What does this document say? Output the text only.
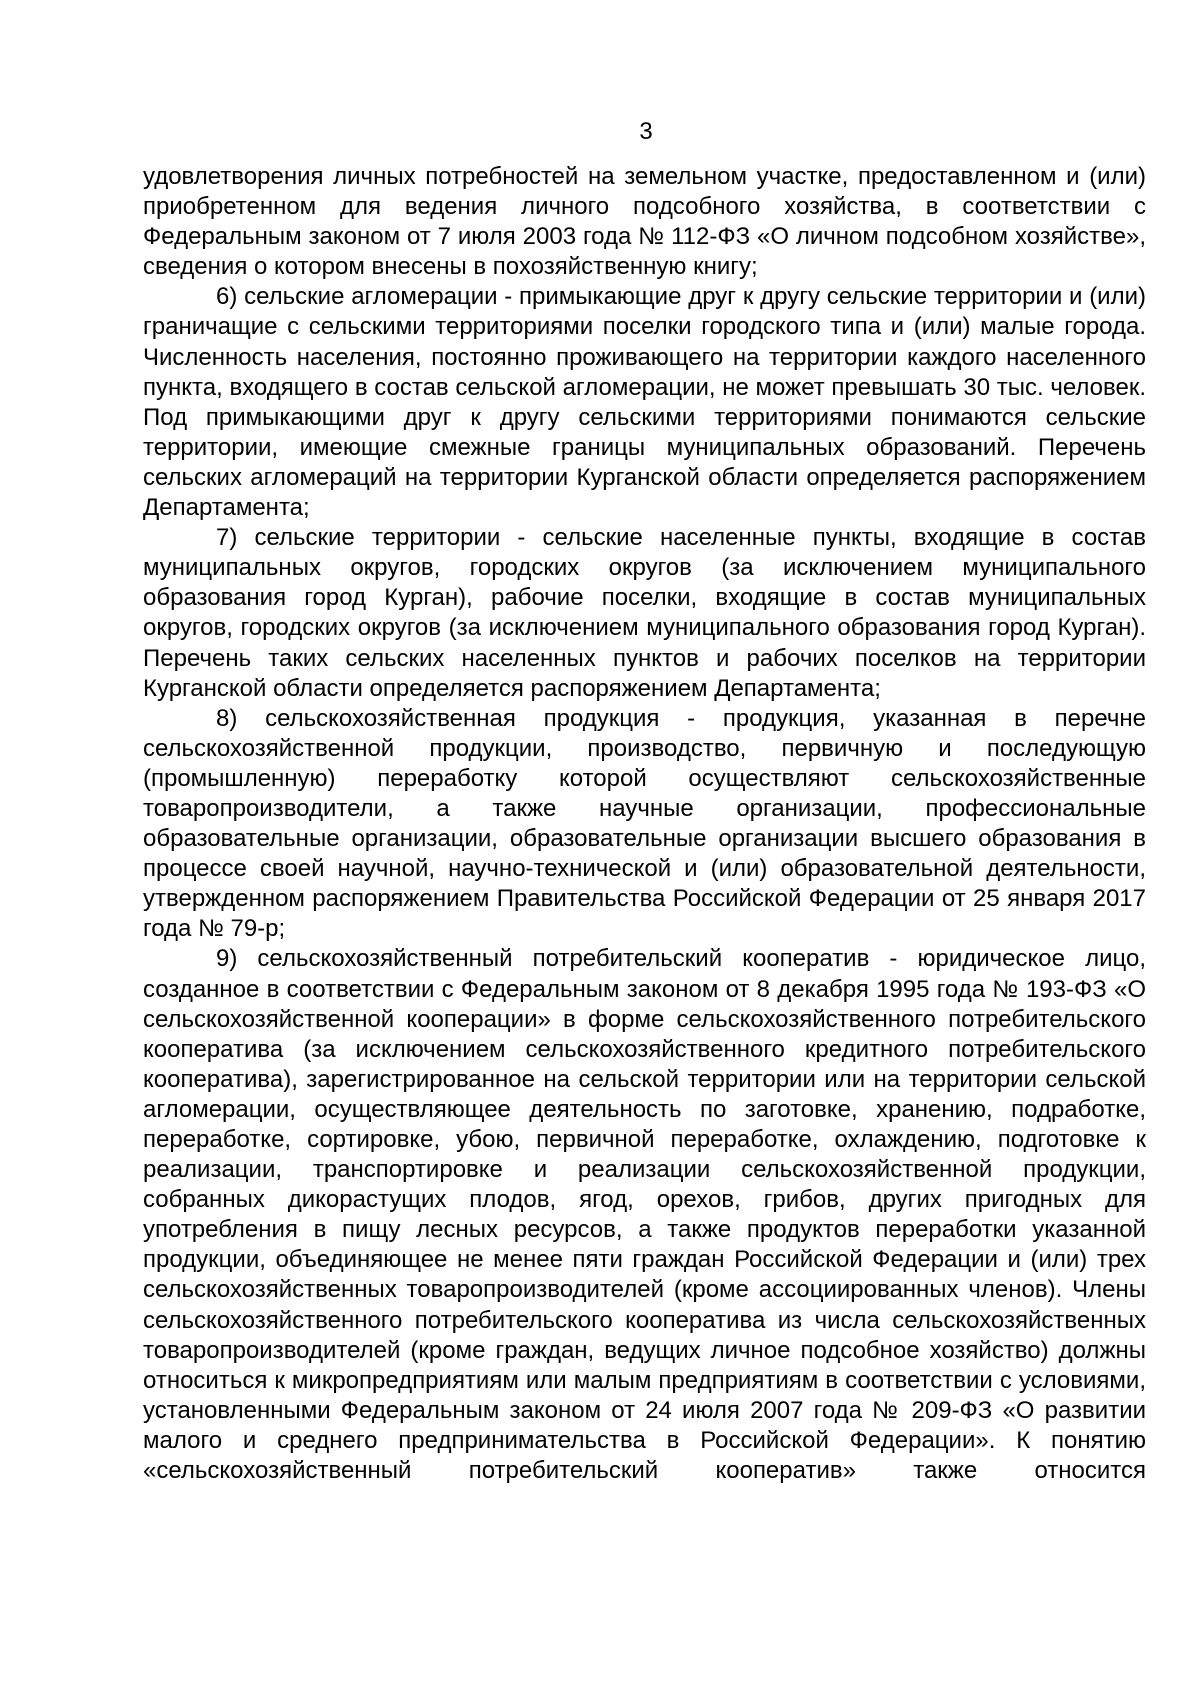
3

удовлетворения личных потребностей на земельном участке, предоставленном и (или) приобретенном для ведения личного подсобного хозяйства, в соответствии с Федеральным законом от 7 июля 2003 года № 112-ФЗ «О личном подсобном хозяйстве», сведения о котором внесены в похозяйственную книгу;

6) сельские агломерации - примыкающие друг к другу сельские территории и (или) граничащие с сельскими территориями поселки городского типа и (или) малые города. Численность населения, постоянно проживающего на территории каждого населенного пункта, входящего в состав сельской агломерации, не может превышать 30 тыс. человек. Под примыкающими друг к другу сельскими территориями понимаются сельские территории, имеющие смежные границы муниципальных образований. Перечень сельских агломераций на территории Курганской области определяется распоряжением Департамента;

7) сельские территории - сельские населенные пункты, входящие в состав муниципальных округов, городских округов (за исключением муниципального образования город Курган), рабочие поселки, входящие в состав муниципальных округов, городских округов (за исключением муниципального образования город Курган). Перечень таких сельских населенных пунктов и рабочих поселков на территории Курганской области определяется распоряжением Департамента;

8) сельскохозяйственная продукция - продукция, указанная в перечне сельскохозяйственной продукции, производство, первичную и последующую (промышленную) переработку которой осуществляют сельскохозяйственные товаропроизводители, а также научные организации, профессиональные образовательные организации, образовательные организации высшего образования в процессе своей научной, научно-технической и (или) образовательной деятельности, утвержденном распоряжением Правительства Российской Федерации от 25 января 2017 года № 79-р;

9) сельскохозяйственный потребительский кооператив - юридическое лицо, созданное в соответствии с Федеральным законом от 8 декабря 1995 года № 193-ФЗ «О сельскохозяйственной кооперации» в форме сельскохозяйственного потребительского кооператива (за исключением сельскохозяйственного кредитного потребительского кооператива), зарегистрированное на сельской территории или на территории сельской агломерации, осуществляющее деятельность по заготовке, хранению, подработке, переработке, сортировке, убою, первичной переработке, охлаждению, подготовке к реализации, транспортировке и реализации сельскохозяйственной продукции, собранных дикорастущих плодов, ягод, орехов, грибов, других пригодных для употребления в пищу лесных ресурсов, а также продуктов переработки указанной продукции, объединяющее не менее пяти граждан Российской Федерации и (или) трех сельскохозяйственных товаропроизводителей (кроме ассоциированных членов). Члены сельскохозяйственного потребительского кооператива из числа сельскохозяйственных товаропроизводителей (кроме граждан, ведущих личное подсобное хозяйство) должны относиться к микропредприятиям или малым предприятиям в соответствии с условиями, установленными Федеральным законом от 24 июля 2007 года № 209-ФЗ «О развитии малого и среднего предпринимательства в Российской Федерации». К понятию «сельскохозяйственный потребительский кооператив» также относится
